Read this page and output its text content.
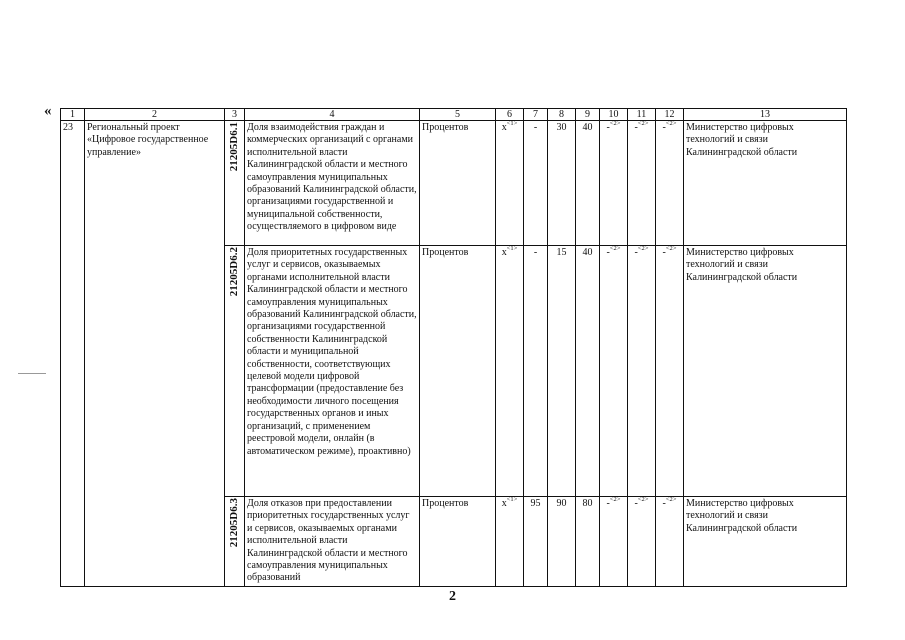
« 1	2	3	4	5	6	7	8	9	10	11	12	13
23	Региональный проект «Цифровое государственное управление»	21205D6.1	Доля взаимодействия граждан и коммерческих организаций с органами исполнительной власти Калининградской области и местного самоуправления муниципальных образований Калининградской области, организациями государственной и муниципальной собственности, осуществляемого в цифровом виде	Процентов	$х^{<1>}$	-	30	40	-$^{<2>}$	-$^{<2>}$	-$^{<2>}$	Министерство цифровых технологий и связи Калининградской области

		21205D6.2	Доля приоритетных государственных услуг и сервисов, оказываемых органами исполнительной власти Калининградской области и местного самоуправления муниципальных образований Калининградской области, организациями государственной собственности Калининградской области и муниципальной собственности, соответствующих целевой модели цифровой трансформации (предоставление без необходимости личного посещения государственных органов и иных организаций, с применением реестровой модели, онлайн (в автоматическом режиме), проактивно)	Процентов	$х^{<1>}$	-	15	40	-$^{<2>}$	-$^{<2>}$	-$^{<2>}$	Министерство цифровых технологий и связи Калининградской области

		21205D6.3	Доля отказов при предоставлении приоритетных государственных услуг и сервисов, оказываемых органами исполнительной власти Калининградской области и местного самоуправления муниципальных образований	Процентов	$х^{<1>}$	95	90	80	-$^{<2>}$	-$^{<2>}$	-$^{<2>}$	Министерство цифровых технологий и связи Калининградской области
2
